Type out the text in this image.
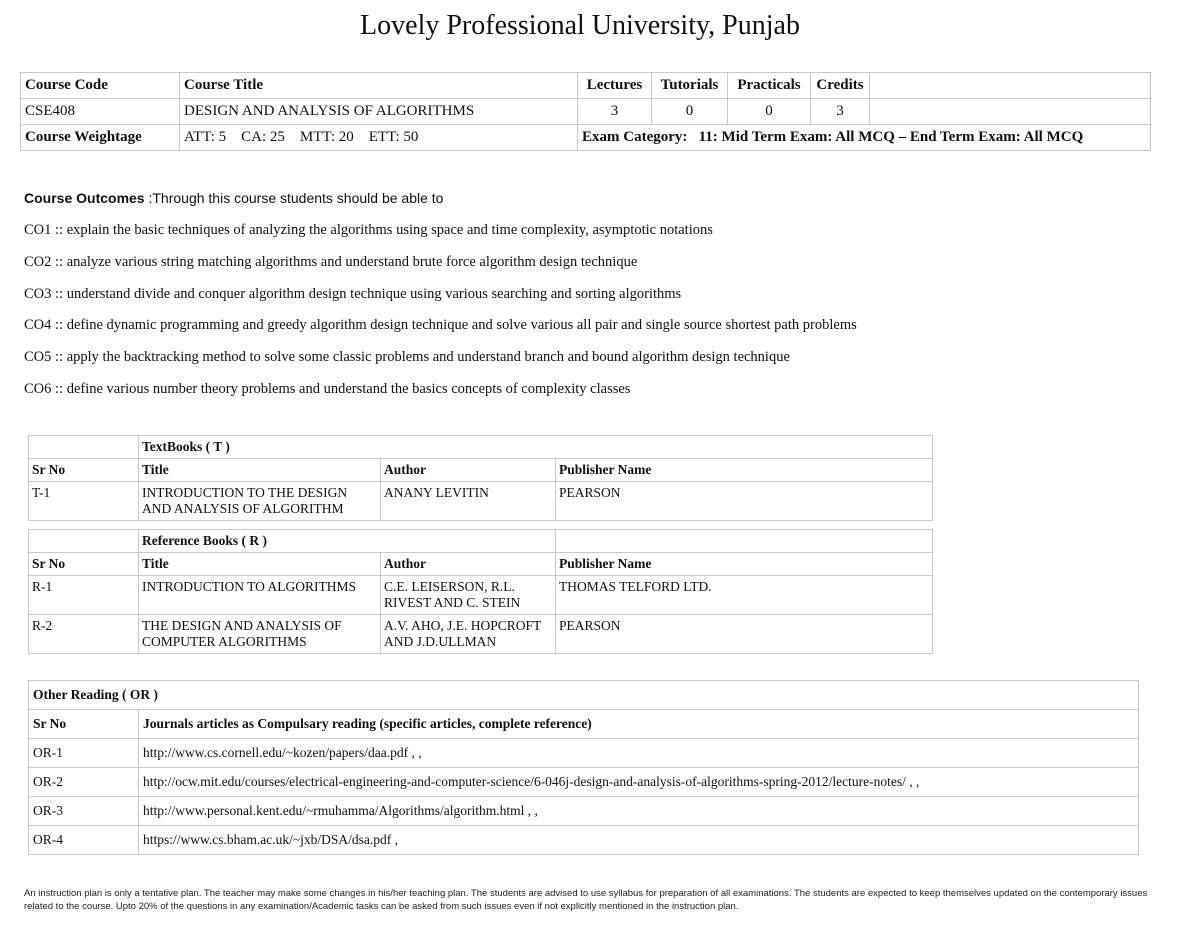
Lovely Professional University, Punjab
Course Code	Course Title	Lectures	Tutorials	Practicals	Credits	
CSE408	DESIGN AND ANALYSIS OF ALGORITHMS	3	0	0	3	
Course Weightage	ATT: 5    CA: 25    MTT: 20    ETT: 50	Exam Category:   11: Mid Term Exam: All MCQ – End Term Exam: All MCQ				
Course Outcomes :Through this course students should be able to
CO1 :: explain the basic techniques of analyzing the algorithms using space and time complexity, asymptotic notations
CO2 :: analyze various string matching algorithms and understand brute force algorithm design technique
CO3 :: understand divide and conquer algorithm design technique using various searching and sorting algorithms
CO4 :: define dynamic programming and greedy algorithm design technique and solve various all pair and single source shortest path problems
CO5 :: apply the backtracking method to solve some classic problems and understand branch and bound algorithm design technique
CO6 :: define various number theory problems and understand the basics concepts of complexity classes
	TextBooks ( T )		
Sr No	Title	Author	Publisher Name
T-1	INTRODUCTION TO THE DESIGN AND ANALYSIS OF ALGORITHM	ANANY LEVITIN	PEARSON
	Reference Books ( R )		
Sr No	Title	Author	Publisher Name
R-1	INTRODUCTION TO ALGORITHMS	C.E. LEISERSON, R.L. RIVEST AND C. STEIN	THOMAS TELFORD LTD.
R-2	THE DESIGN AND ANALYSIS OF COMPUTER ALGORITHMS	A.V. AHO, J.E. HOPCROFT AND J.D.ULLMAN	PEARSON
Other Reading ( OR )	
Sr No	Journals articles as Compulsary reading (specific articles, complete reference)
OR-1	http://www.cs.cornell.edu/~kozen/papers/daa.pdf , ,
OR-2	http://ocw.mit.edu/courses/electrical-engineering-and-computer-science/6-046j-design-and-analysis-of-algorithms-spring-2012/lecture-notes/ , ,
OR-3	http://www.personal.kent.edu/~rmuhamma/Algorithms/algorithm.html , ,
OR-4	https://www.cs.bham.ac.uk/~jxb/DSA/dsa.pdf ,
An instruction plan is only a tentative plan. The teacher may make some changes in his/her teaching plan. The students are advised to use syllabus for preparation of all examinations. The students are expected to keep themselves updated on the contemporary issues related to the course. Upto 20% of the questions in any examination/Academic tasks can be asked from such issues even if not explicitly mentioned in the instruction plan.
